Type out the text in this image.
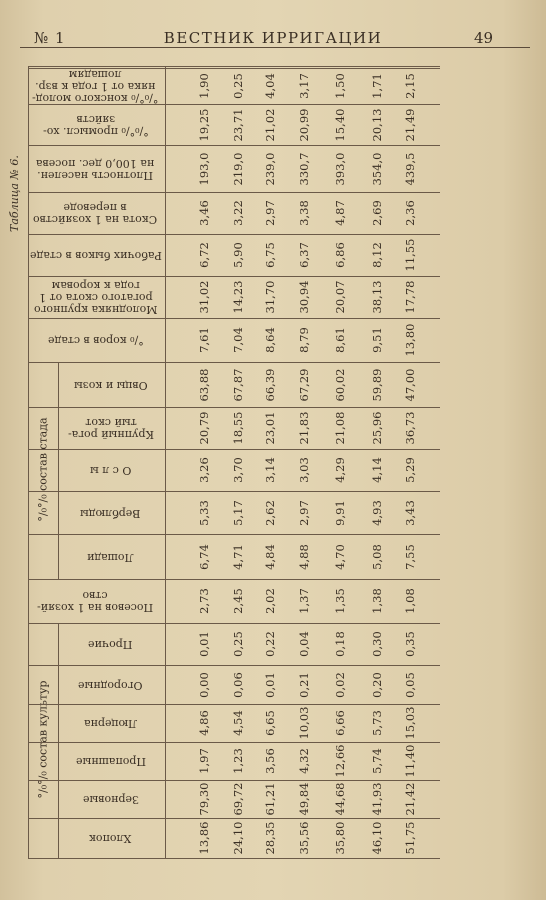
№ 1	ВЕСТНИК ИРРИГАЦИИ	49
Таблица № 6.
°/₀°/₀ состав культур
°/₀°/₀ состав стада
Хлопок	13,86 24,10 28,35 35,56 35,80 46,10 51,75
Зерновые	79,30 69,72 61,21 49,84 44,68 41,93 21,42
Пропашные	1,97 1,23 3,56 4,32 12,66 5,74 11,40
Люцерна	4,86 4,54 6,65 10,03 6,66 5,73 15,03
Огородные	0,00 0,06 0,01 0,21 0,02 0,20 0,05
Прочие	0,01 0,25 0,22 0,04 0,18 0,30 0,35
Посевов на 1 хозяй-
ство	2,73 2,45 2,02 1,37 1,35 1,38 1,08
Лошади	6,74 4,71 4,84 4,88 4,70 5,08 7,55
Верблюды	5,33 5,17 2,62 2,97 9,91 4,93 3,43
О с л ы	3,26 3,70 3,14 3,03 4,29 4,14 5,29
Крупный рога-
тый скот	20,79 18,55 23,01 21,83 21,08 25,96 36,73
Овцы и козы	63,88 67,87 66,39 67,29 60,02 59,89 47,00
°/₀ коров в стаде	7,61 7,04 8,64 8,79 8,61 9,51 13,80
Молодняка крупного
рогатого скота от 1
года к коровам	31,02 14,23 31,70 30,94 20,07 38,13 17,78
Рабочих быков в стаде	6,72 5,90 6,75 6,37 6,86 8,12 11,55
Скота на 1 хозяйство
в переводе	3,46 3,22 2,97 3,38 4,87 2,69 2,36
Плотность населен.
на 100,0 дес. посева	193,0 219,0 239,0 330,7 393,0 354,0 439,5
°/₀°/₀ промысл. хо-
зяйств	19,25 23,71 21,02 20,99 15,40 20,13 21,49
°/₀°/₀ конского молод-
няка от 1 года к взр.
лошадям	1,90 0,25 4,04 3,17 1,50 1,71 2,15
